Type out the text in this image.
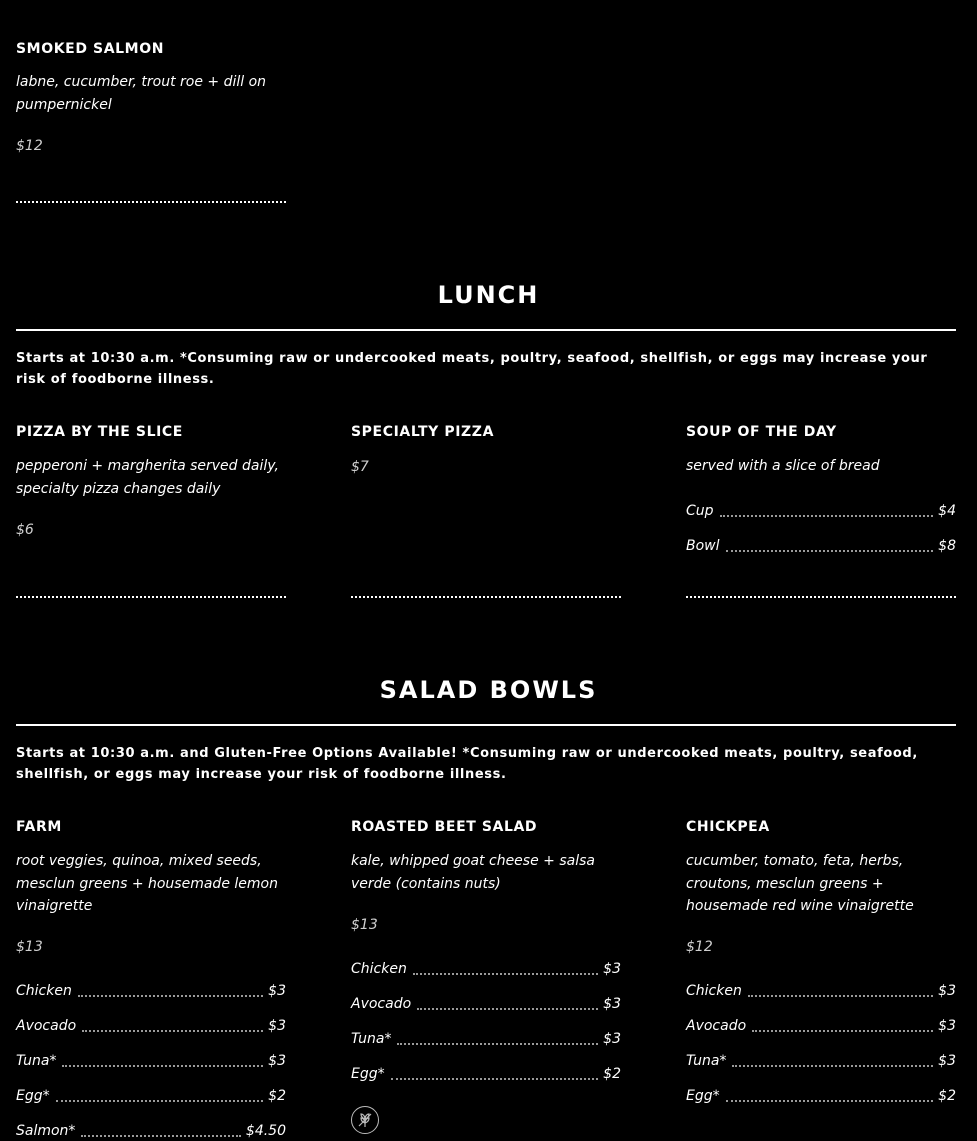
SMOKED SALMON
labne, cucumber, trout roe + dill on pumpernickel
$12
LUNCH
Starts at 10:30 a.m. *Consuming raw or undercooked meats, poultry, seafood, shellfish, or eggs may increase your risk of foodborne illness.
PIZZA BY THE SLICE
pepperoni + margherita served daily, specialty pizza changes daily
$6
SPECIALTY PIZZA
$7
SOUP OF THE DAY
served with a slice of bread
Cup	$4
Bowl	$8
SALAD BOWLS
Starts at 10:30 a.m. and Gluten-Free Options Available! *Consuming raw or undercooked meats, poultry, seafood, shellfish, or eggs may increase your risk of foodborne illness.
FARM
root veggies, quinoa, mixed seeds, mesclun greens + housemade lemon vinaigrette
$13
Chicken	$3
Avocado	$3
Tuna*	$3
Egg*	$2
Salmon*	$4.50
ROASTED BEET SALAD
kale, whipped goat cheese + salsa verde (contains nuts)
$13
Chicken	$3
Avocado	$3
Tuna*	$3
Egg*	$2
CHICKPEA
cucumber, tomato, feta, herbs, croutons, mesclun greens + housemade red wine vinaigrette
$12
Chicken	$3
Avocado	$3
Tuna*	$3
Egg*	$2
